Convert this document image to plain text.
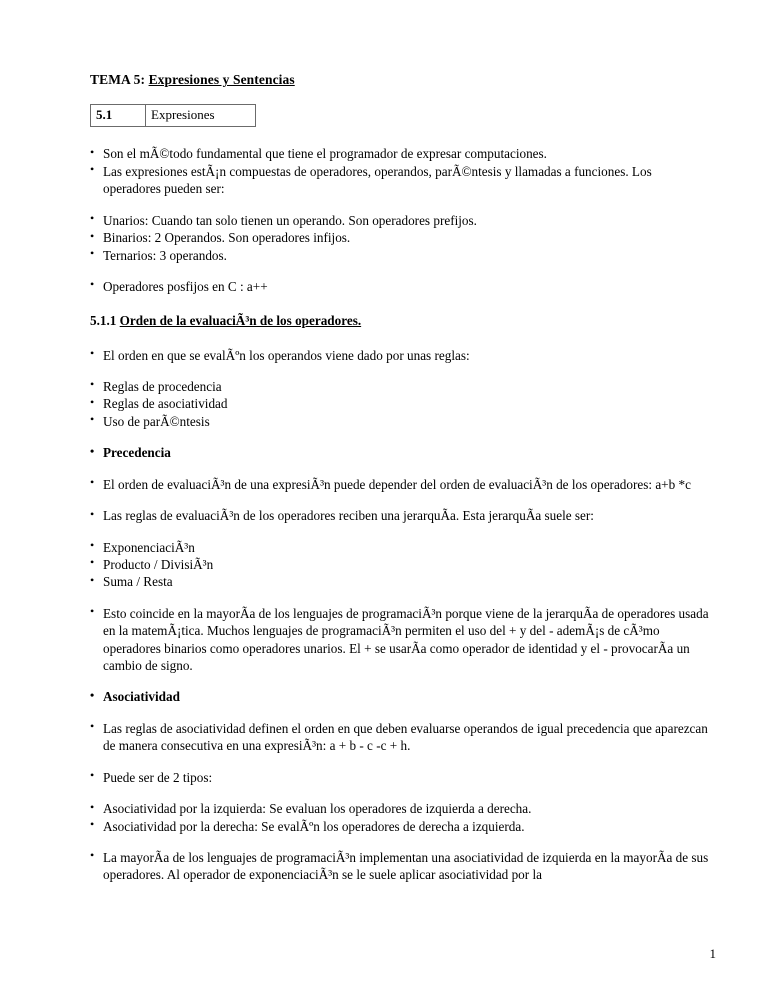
TEMA 5: Expresiones y Sentencias
5.1	Expresiones
• Son el mÃ©todo fundamental que tiene el programador de expresar computaciones.
• Las expresiones estÃ¡n compuestas de operadores, operandos, parÃ©ntesis y llamadas a funciones. Los operadores pueden ser:
• Unarios: Cuando tan solo tienen un operando. Son operadores prefijos.
• Binarios: 2 Operandos. Son operadores infijos.
• Ternarios: 3 operandos.
• Operadores posfijos en C : a++
5.1.1 Orden de la evaluaciÃ³n de los operadores.
• El orden en que se evalÃºn los operandos viene dado por unas reglas:
• Reglas de procedencia
• Reglas de asociatividad
• Uso de parÃ©ntesis
• Precedencia
• El orden de evaluaciÃ³n de una expresiÃ³n puede depender del orden de evaluaciÃ³n de los operadores: a+b *c
• Las reglas de evaluaciÃ³n de los operadores reciben una jerarquÃa. Esta jerarquÃa suele ser:
• ExponenciaciÃ³n
• Producto / DivisiÃ³n
• Suma / Resta
• Esto coincide en la mayorÃa de los lenguajes de programaciÃ³n porque viene de la jerarquÃa de operadores usada en la matemÃ¡tica. Muchos lenguajes de programaciÃ³n permiten el uso del + y del - ademÃ¡s de cÃ³mo operadores binarios como operadores unarios. El + se usarÃa como operador de identidad y el - provocarÃa un cambio de signo.
• Asociatividad
• Las reglas de asociatividad definen el orden en que deben evaluarse operandos de igual precedencia que aparezcan de manera consecutiva en una expresiÃ³n: a + b - c -c + h.
• Puede ser de 2 tipos:
• Asociatividad por la izquierda: Se evaluan los operadores de izquierda a derecha.
• Asociatividad por la derecha: Se evalÃºn los operadores de derecha a izquierda.
• La mayorÃa de los lenguajes de programaciÃ³n implementan una asociatividad de izquierda en la mayorÃa de sus operadores. Al operador de exponenciaciÃ³n se le suele aplicar asociatividad por la
1
